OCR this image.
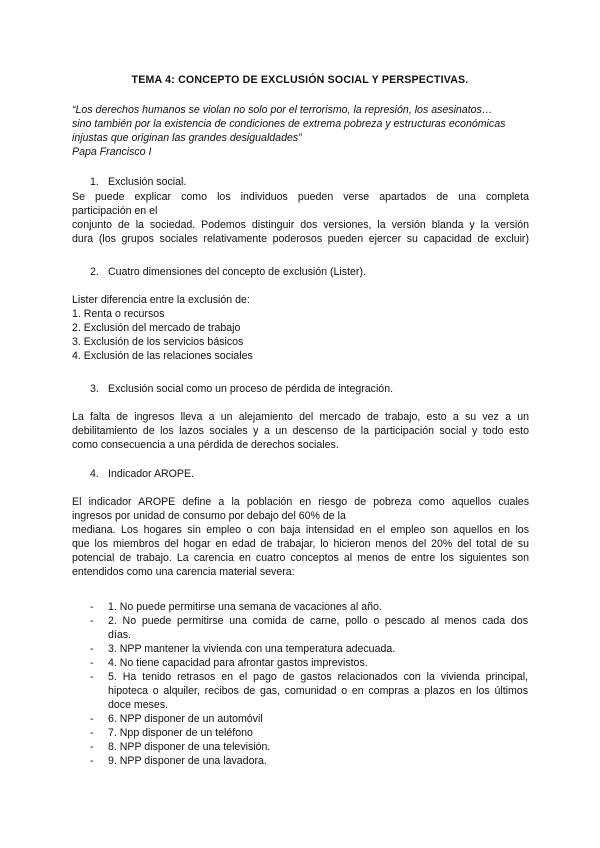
TEMA 4: CONCEPTO DE EXCLUSIÓN SOCIAL Y PERSPECTIVAS.
“Los derechos humanos se violan no solo por el terrorismo, la represión, los asesinatos…
sino también por la existencia de condiciones de extrema pobreza y estructuras económicas
injustas que originan las grandes desigualdades”
Papa Francisco I
1. Exclusión social.
Se puede explicar como los individuos pueden verse apartados de una completa
participación en el
conjunto de la sociedad. Podemos distinguir dos versiones, la versión blanda y la versión
dura (los grupos sociales relativamente poderosos pueden ejercer su capacidad de excluir)
2. Cuatro dimensiones del concepto de exclusión (Lister).
Lister diferencia entre la exclusión de:
1. Renta o recursos
2. Exclusión del mercado de trabajo
3. Exclusión de los servicios básicos
4. Exclusión de las relaciones sociales
3. Exclusión social como un proceso de pérdida de integración.
La falta de ingresos lleva a un alejamiento del mercado de trabajo, esto a su vez a un
debilitamiento de los lazos sociales y a un descenso de la participación social y todo esto
como consecuencia a una pérdida de derechos sociales.
4. Indicador AROPE.
El indicador AROPE define a la población en riesgo de pobreza como aquellos cuales
ingresos por unidad de consumo por debajo del 60% de la
mediana. Los hogares sin empleo o con baja intensidad en el empleo son aquellos en los
que los miembros del hogar en edad de trabajar, lo hicieron menos del 20% del total de su
potencial de trabajo. La carencia en cuatro conceptos al menos de entre los siguientes son
entendidos como una carencia material severa:
- 1. No puede permitirse una semana de vacaciones al año.
- 2. No puede permitirse una comida de carne, pollo o pescado al menos cada dos
días.
- 3. NPP mantener la vivienda con una temperatura adecuada.
- 4. No tiene capacidad para afrontar gastos imprevistos.
- 5. Ha tenido retrasos en el pago de gastos relacionados con la vivienda principal,
hipoteca o alquiler, recibos de gas, comunidad o en compras a plazos en los últimos
doce meses.
- 6. NPP disponer de un automóvil
- 7. Npp disponer de un teléfono
- 8. NPP disponer de una televisión.
- 9. NPP disponer de una lavadora.
